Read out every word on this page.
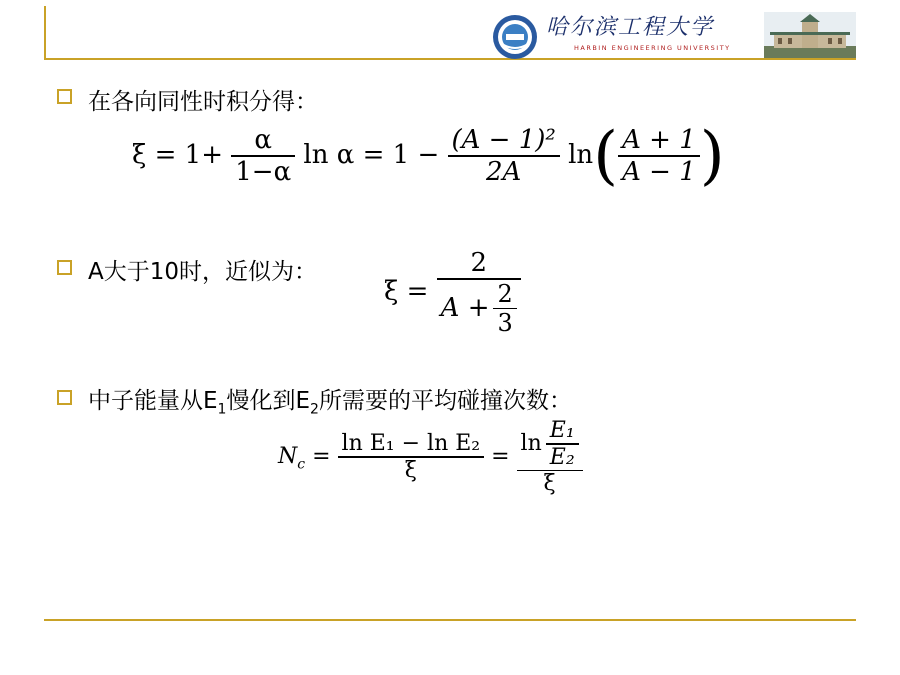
哈尔滨工程大学
HARBIN ENGINEERING UNIVERSITY
在各向同性时积分得：
$\xi = 1+ \frac{\alpha}{1-\alpha}$ $\ln \alpha = 1 - \frac{\text{(A − 1)²}}{2A} \ln( \frac{A + 1}{A - 1}$ )
A大于10时，近似为：
$\xi = \frac{2}{A + \frac{2}{3}}$
中子能量从$E_1$慢化到$E_2$所需要的平均碰撞次数：
$N_c = \frac{\text{ln E₁ − ln E₂}}{\xi} = \frac{\ln \frac{\text{E₁}}{\text{E₂}}}{\xi}$
